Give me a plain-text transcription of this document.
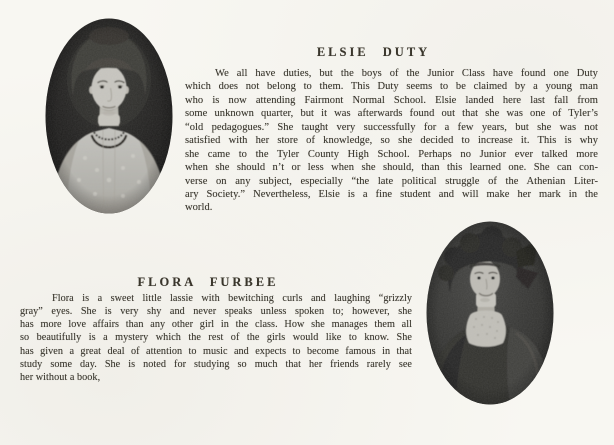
ELSIE DUTY
We all have duties, but the boys of the Junior Class have found one Duty
which does not belong to them. This Duty seems to be claimed by a young man
who is now attending Fairmont Normal School. Elsie landed here last fall from
some unknown quarter, but it was afterwards found out that she was one of Tyler’s
“old pedagogues.” She taught very successfully for a few years, but she was not
satisfied with her store of knowledge, so she decided to increase it. This is why
she came to the Tyler County High School. Perhaps no Junior ever talked more
when she should n’t or less when she should, than this learned one. She can con-
verse on any subject, especially “the late political struggle of the Athenian Liter-
ary Society.” Nevertheless, Elsie is a fine student and will make her mark in the
world.
FLORA FURBEE
Flora is a sweet little lassie with bewitching curls and laughing “grizzly
gray” eyes. She is very shy and never speaks unless spoken to; however, she
has more love affairs than any other girl in the class. How she manages them all
so beautifully is a mystery which the rest of the girls would like to know. She
has given a great deal of attention to music and expects to become famous in that
study some day. She is noted for studying so much that her friends rarely see
her without a book,
